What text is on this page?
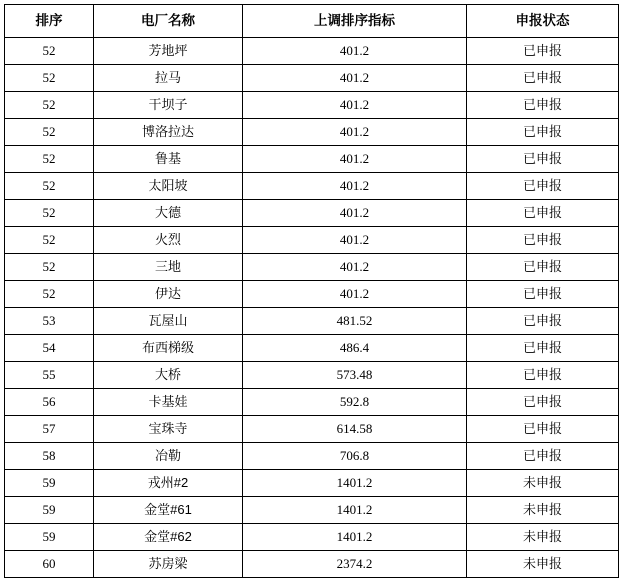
排序	电厂名称	上调排序指标	申报状态
52	芳地坪	401.2	已申报
52	拉马	401.2	已申报
52	干坝子	401.2	已申报
52	博洛拉达	401.2	已申报
52	鲁基	401.2	已申报
52	太阳坡	401.2	已申报
52	大德	401.2	已申报
52	火烈	401.2	已申报
52	三地	401.2	已申报
52	伊达	401.2	已申报
53	瓦屋山	481.52	已申报
54	布西梯级	486.4	已申报
55	大桥	573.48	已申报
56	卡基娃	592.8	已申报
57	宝珠寺	614.58	已申报
58	冶勒	706.8	已申报
59	戎州#2	1401.2	未申报
59	金堂#61	1401.2	未申报
59	金堂#62	1401.2	未申报
60	苏房梁	2374.2	未申报
